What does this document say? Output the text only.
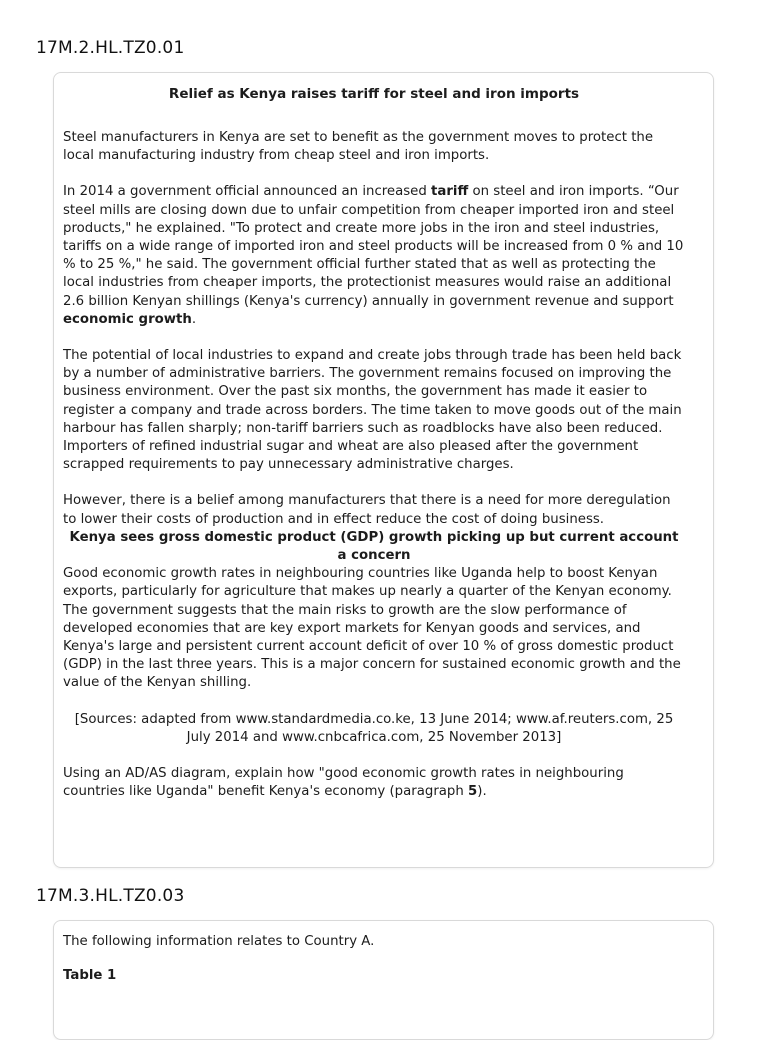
17M.2.HL.TZ0.01

Relief as Kenya raises tariff for steel and iron imports

Steel manufacturers in Kenya are set to benefit as the government moves to protect the local manufacturing industry from cheap steel and iron imports.

In 2014 a government official announced an increased tariff on steel and iron imports. “Our steel mills are closing down due to unfair competition from cheaper imported iron and steel products," he explained. "To protect and create more jobs in the iron and steel industries, tariffs on a wide range of imported iron and steel products will be increased from 0 % and 10 % to 25 %," he said. The government official further stated that as well as protecting the local industries from cheaper imports, the protectionist measures would raise an additional 2.6 billion Kenyan shillings (Kenya's currency) annually in government revenue and support economic growth.

The potential of local industries to expand and create jobs through trade has been held back by a number of administrative barriers. The government remains focused on improving the business environment. Over the past six months, the government has made it easier to register a company and trade across borders. The time taken to move goods out of the main harbour has fallen sharply; non-tariff barriers such as roadblocks have also been reduced. Importers of refined industrial sugar and wheat are also pleased after the government scrapped requirements to pay unnecessary administrative charges.

However, there is a belief among manufacturers that there is a need for more deregulation to lower their costs of production and in effect reduce the cost of doing business.

Kenya sees gross domestic product (GDP) growth picking up but current account a concern

Good economic growth rates in neighbouring countries like Uganda help to boost Kenyan exports, particularly for agriculture that makes up nearly a quarter of the Kenyan economy. The government suggests that the main risks to growth are the slow performance of developed economies that are key export markets for Kenyan goods and services, and Kenya's large and persistent current account deficit of over 10 % of gross domestic product (GDP) in the last three years. This is a major concern for sustained economic growth and the value of the Kenyan shilling.

[Sources: adapted from www.standardmedia.co.ke, 13 June 2014; www.af.reuters.com, 25 July 2014 and www.cnbcafrica.com, 25 November 2013]

Using an AD/AS diagram, explain how "good economic growth rates in neighbouring countries like Uganda" benefit Kenya's economy (paragraph 5).

17M.3.HL.TZ0.03

The following information relates to Country A.

Table 1
